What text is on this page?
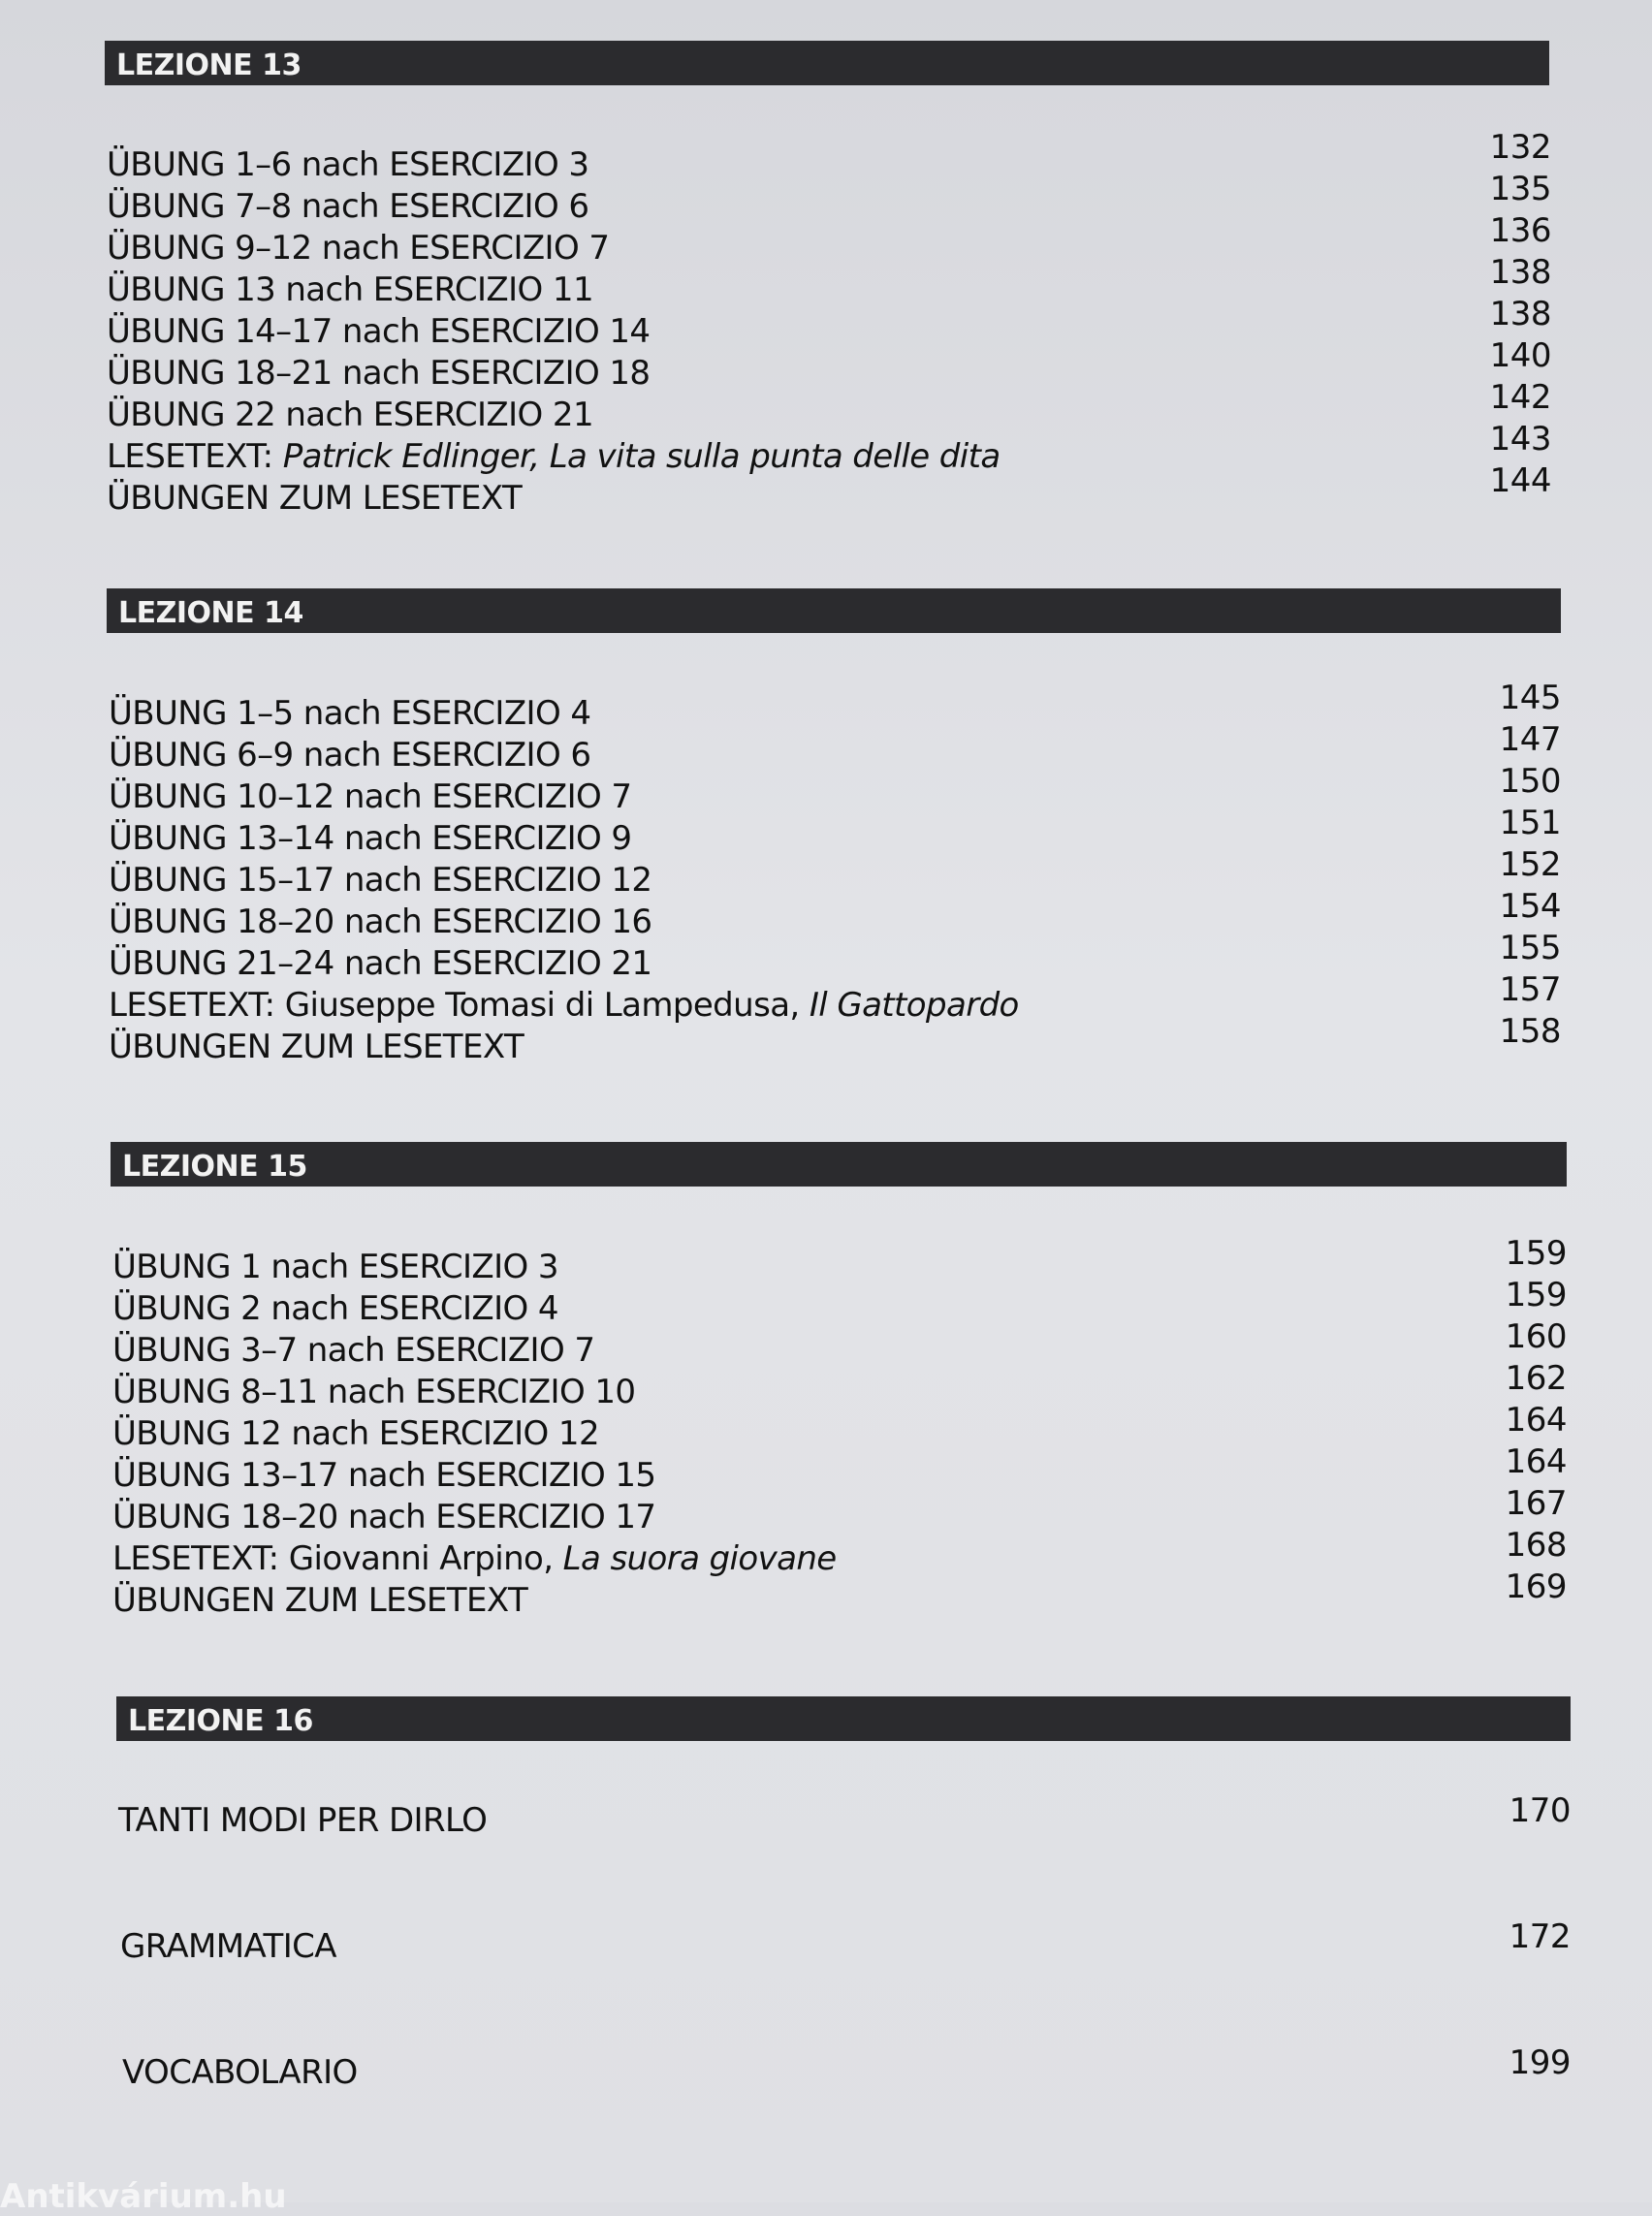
LEZIONE 13
ÜBUNG 1–6 nach ESERCIZIO 3	132
ÜBUNG 7–8 nach ESERCIZIO 6	135
ÜBUNG 9–12 nach ESERCIZIO 7	136
ÜBUNG 13 nach ESERCIZIO 11	138
ÜBUNG 14–17 nach ESERCIZIO 14	138
ÜBUNG 18–21 nach ESERCIZIO 18	140
ÜBUNG 22 nach ESERCIZIO 21	142
LESETEXT: Patrick Edlinger, La vita sulla punta delle dita	143
ÜBUNGEN ZUM LESETEXT	144
LEZIONE 14
ÜBUNG 1–5 nach ESERCIZIO 4	145
ÜBUNG 6–9 nach ESERCIZIO 6	147
ÜBUNG 10–12 nach ESERCIZIO 7	150
ÜBUNG 13–14 nach ESERCIZIO 9	151
ÜBUNG 15–17 nach ESERCIZIO 12	152
ÜBUNG 18–20 nach ESERCIZIO 16	154
ÜBUNG 21–24 nach ESERCIZIO 21	155
LESETEXT: Giuseppe Tomasi di Lampedusa, Il Gattopardo	157
ÜBUNGEN ZUM LESETEXT	158
LEZIONE 15
ÜBUNG 1 nach ESERCIZIO 3	159
ÜBUNG 2 nach ESERCIZIO 4	159
ÜBUNG 3–7 nach ESERCIZIO 7	160
ÜBUNG 8–11 nach ESERCIZIO 10	162
ÜBUNG 12 nach ESERCIZIO 12	164
ÜBUNG 13–17 nach ESERCIZIO 15	164
ÜBUNG 18–20 nach ESERCIZIO 17	167
LESETEXT: Giovanni Arpino, La suora giovane	168
ÜBUNGEN ZUM LESETEXT	169
LEZIONE 16
TANTI MODI PER DIRLO	170
GRAMMATICA	172
VOCABOLARIO	199
Antikvárium.hu
